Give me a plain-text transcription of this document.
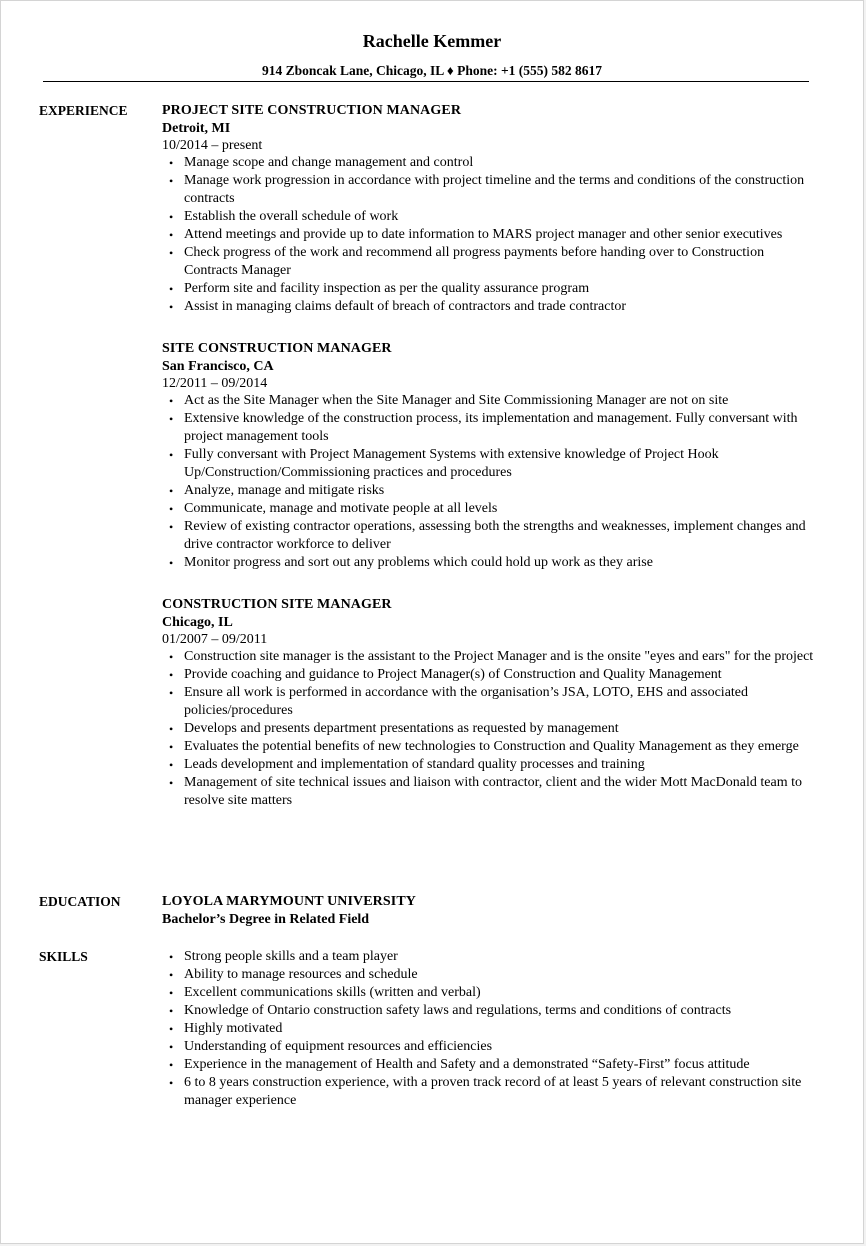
Rachelle Kemmer
914 Zboncak Lane, Chicago, IL ♦ Phone: +1 (555) 582 8617
EXPERIENCE PROJECT SITE CONSTRUCTION MANAGER
Detroit, MI
10/2014 – present
• Manage scope and change management and control
• Manage work progression in accordance with project timeline and the terms and conditions of the construction contracts
• Establish the overall schedule of work
• Attend meetings and provide up to date information to MARS project manager and other senior executives
• Check progress of the work and recommend all progress payments before handing over to Construction Contracts Manager
• Perform site and facility inspection as per the quality assurance program
• Assist in managing claims default of breach of contractors and trade contractor
SITE CONSTRUCTION MANAGER
San Francisco, CA
12/2011 – 09/2014
• Act as the Site Manager when the Site Manager and Site Commissioning Manager are not on site
• Extensive knowledge of the construction process, its implementation and management. Fully conversant with project management tools
• Fully conversant with Project Management Systems with extensive knowledge of Project Hook Up/Construction/Commissioning practices and procedures
• Analyze, manage and mitigate risks
• Communicate, manage and motivate people at all levels
• Review of existing contractor operations, assessing both the strengths and weaknesses, implement changes and drive contractor workforce to deliver
• Monitor progress and sort out any problems which could hold up work as they arise
CONSTRUCTION SITE MANAGER
Chicago, IL
01/2007 – 09/2011
• Construction site manager is the assistant to the Project Manager and is the onsite "eyes and ears" for the project
• Provide coaching and guidance to Project Manager(s) of Construction and Quality Management
• Ensure all work is performed in accordance with the organisation’s JSA, LOTO, EHS and associated policies/procedures
• Develops and presents department presentations as requested by management
• Evaluates the potential benefits of new technologies to Construction and Quality Management as they emerge
• Leads development and implementation of standard quality processes and training
• Management of site technical issues and liaison with contractor, client and the wider Mott MacDonald team to resolve site matters
EDUCATION	LOYOLA MARYMOUNT UNIVERSITY
Bachelor’s Degree in Related Field
SKILLS
•	Strong people skills and a team player
• Ability to manage resources and schedule
• Excellent communications skills (written and verbal)
• Knowledge of Ontario construction safety laws and regulations, terms and conditions of contracts
• Highly motivated
• Understanding of equipment resources and efficiencies
• Experience in the management of Health and Safety and a demonstrated “Safety-First” focus attitude
• 6 to 8 years construction experience, with a proven track record of at least 5 years of relevant construction site manager experience
